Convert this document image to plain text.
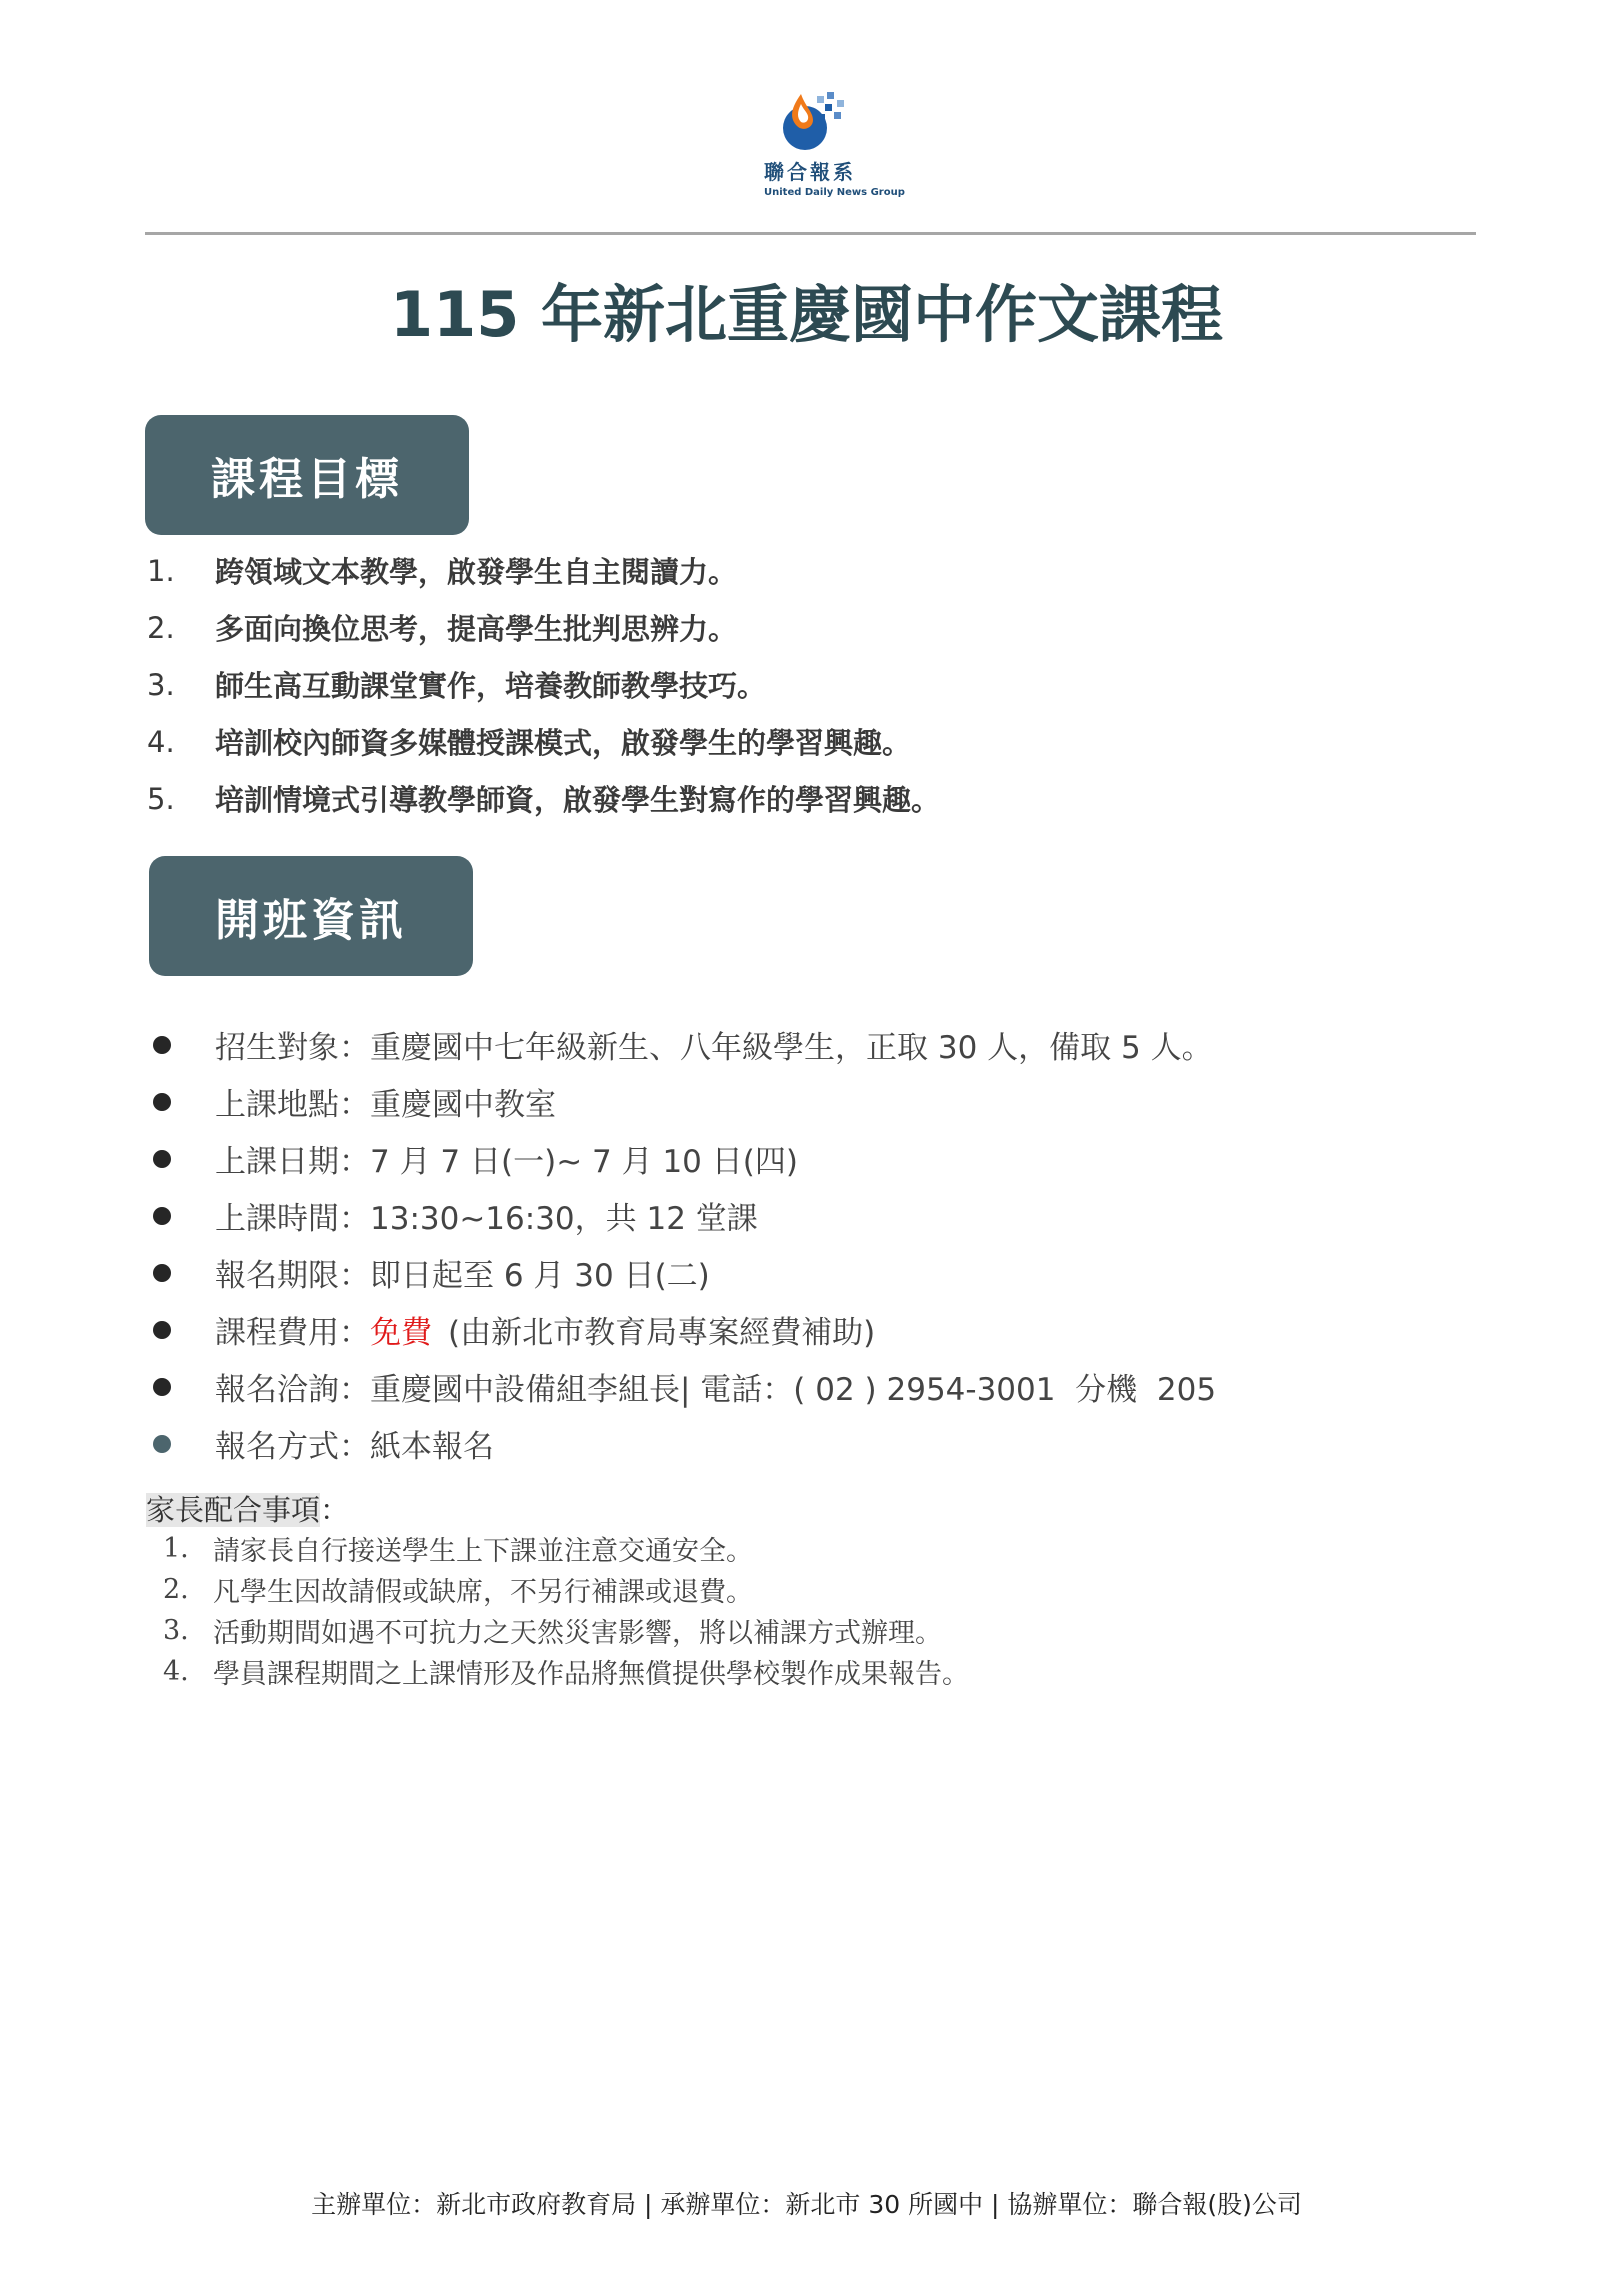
聯合報系
United Daily News Group
115 年新北重慶國中作文課程
課程目標
1.	跨領域文本教學，啟發學生自主閱讀力。
2.	多面向換位思考，提高學生批判思辨力。
3.	師生高互動課堂實作，培養教師教學技巧。
4.	培訓校內師資多媒體授課模式，啟發學生的學習興趣。
5.	培訓情境式引導教學師資，啟發學生對寫作的學習興趣。
開班資訊
招生對象： 重慶國中七年級新生、八年級學生，正取 30 人，備取 5 人。
上課地點： 重慶國中教室
上課日期： 7 月 7 日(一)~ 7 月 10 日(四)
上課時間： 13:30~16:30，共 12 堂課
報名期限： 即日起至 6 月 30 日(二)
課程費用： 免費 (由新北市教育局專案經費補助)
報名洽詢： 重慶國中設備組李組長| 電話：( 02 ) 2954-3001  分機  205
報名方式： 紙本報名
家長配合事項：
1. 請家長自行接送學生上下課並注意交通安全。
2. 凡學生因故請假或缺席，不另行補課或退費。
3. 活動期間如遇不可抗力之天然災害影響，將以補課方式辦理。
4. 學員課程期間之上課情形及作品將無償提供學校製作成果報告。
主辦單位：新北市政府教育局 | 承辦單位：新北市 30 所國中 | 協辦單位：聯合報(股)公司
